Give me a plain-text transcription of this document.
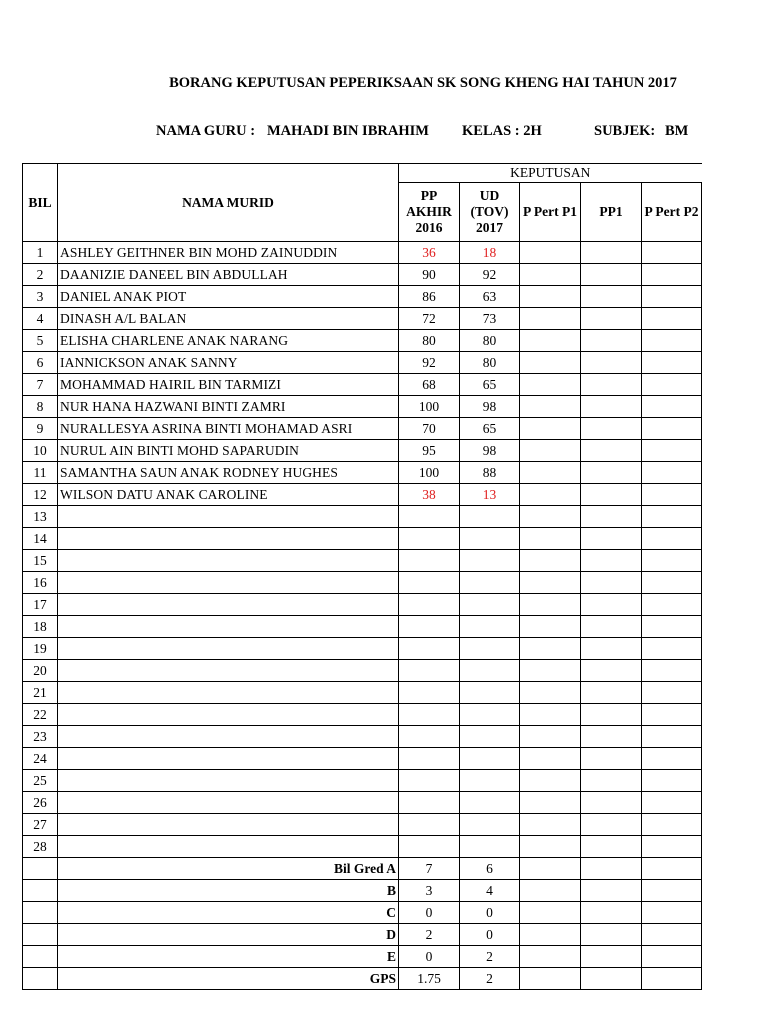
BORANG KEPUTUSAN PEPERIKSAAN SK SONG KHENG HAI TAHUN 2017
NAMA GURU : MAHADI BIN IBRAHIM KELAS : 2H	SUBJEK: BM
BIL	NAMA MURID	KEPUTUSAN				
		PP AKHIR 2016	UD (TOV) 2017	P Pert P1	PP1	P Pert P2
1	ASHLEY GEITHNER BIN MOHD ZAINUDDIN	36	18			
2	DAANIZIE DANEEL BIN ABDULLAH	90	92			
3	DANIEL ANAK PIOT	86	63			
4	DINASH A/L BALAN	72	73			
5	ELISHA CHARLENE ANAK NARANG	80	80			
6	IANNICKSON ANAK SANNY	92	80			
7	MOHAMMAD HAIRIL BIN TARMIZI	68	65			
8	NUR HANA HAZWANI BINTI ZAMRI	100	98			
9	NURALLESYA ASRINA BINTI MOHAMAD ASRI	70	65			
10	NURUL AIN BINTI MOHD SAPARUDIN	95	98			
11	SAMANTHA SAUN ANAK RODNEY HUGHES	100	88			
12	WILSON DATU ANAK CAROLINE	38	13			
13						
14						
15						
16						
17						
18						
19						
20						
21						
22						
23						
24						
25						
26						
27						
28						
	Bil Gred A	7	6			
	B	3	4			
	C	0	0			
	D	2	0			
	E	0	2			
	GPS	1.75	2			
